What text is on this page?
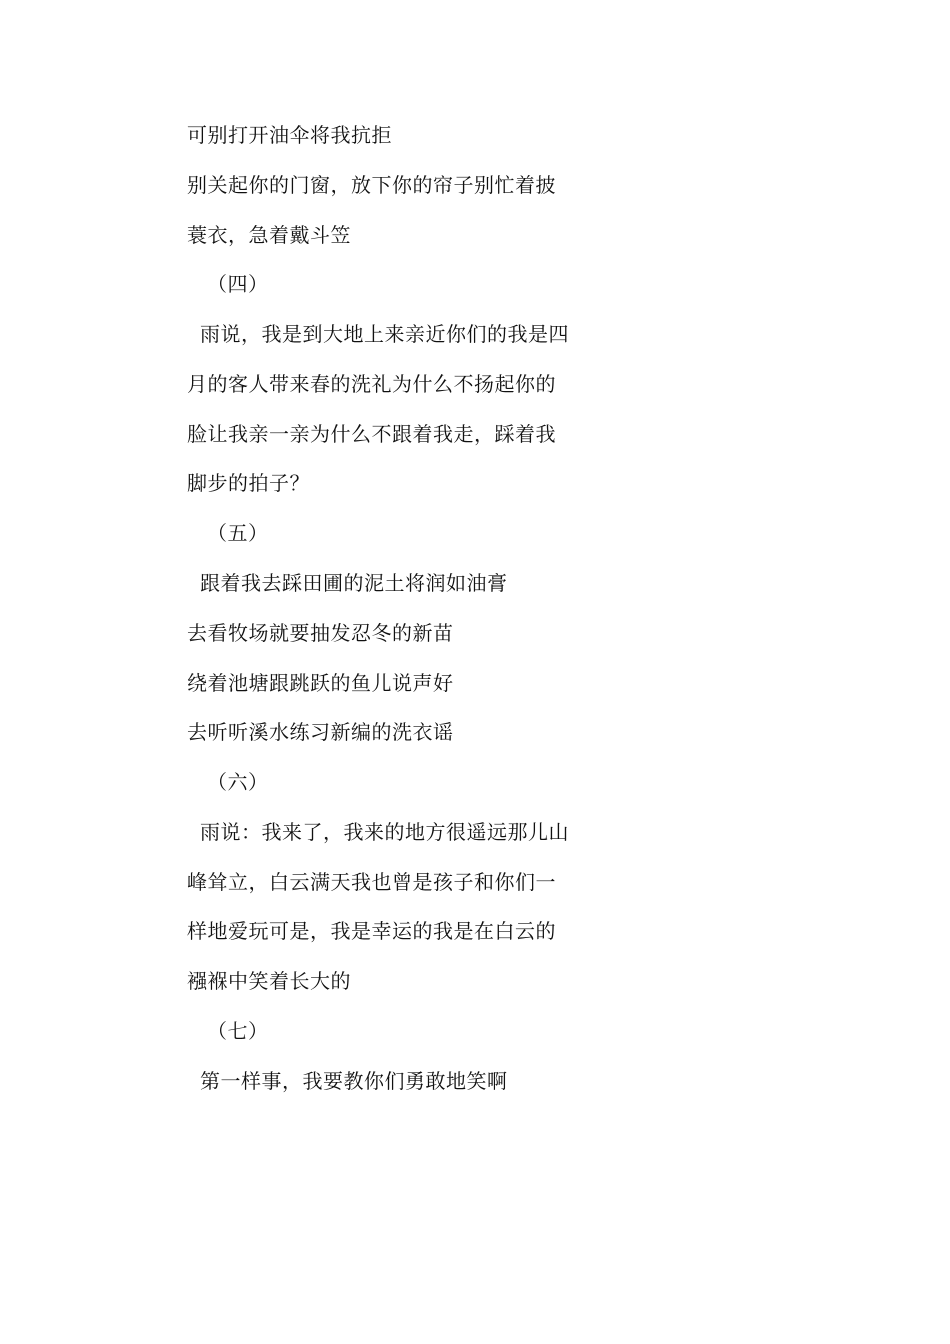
可别打开油伞将我抗拒
别关起你的门窗，放下你的帘子别忙着披
蓑衣，急着戴斗笠
（四）
雨说，我是到大地上来亲近你们的我是四
月的客人带来春的洗礼为什么不扬起你的
脸让我亲一亲为什么不跟着我走，踩着我
脚步的拍子？
（五）
跟着我去踩田圃的泥土将润如油膏
去看牧场就要抽发忍冬的新苗
绕着池塘跟跳跃的鱼儿说声好
去听听溪水练习新编的洗衣谣
（六）
雨说：我来了，我来的地方很遥远那儿山
峰耸立，白云满天我也曾是孩子和你们一
样地爱玩可是，我是幸运的我是在白云的
襁褓中笑着长大的
（七）
第一样事，我要教你们勇敢地笑啊
